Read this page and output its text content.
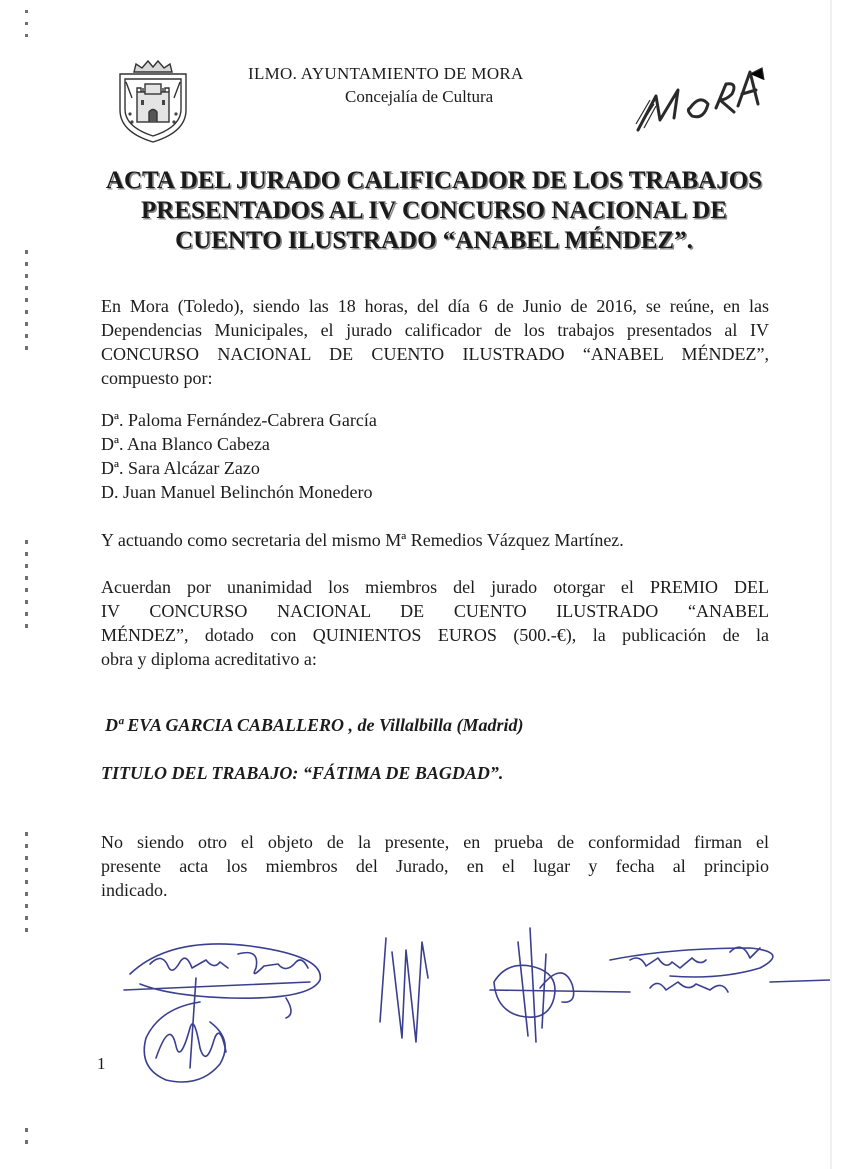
ILMO. AYUNTAMIENTO DE MORA
Concejalía de Cultura
ACTA DEL JURADO CALIFICADOR DE LOS TRABAJOS
PRESENTADOS AL IV CONCURSO NACIONAL DE
CUENTO ILUSTRADO “ANABEL MÉNDEZ”.
En Mora (Toledo), siendo las 18 horas, del día 6 de Junio de 2016, se reúne, en las
Dependencias Municipales, el jurado calificador de los trabajos presentados al IV
CONCURSO NACIONAL DE CUENTO ILUSTRADO “ANABEL MÉNDEZ”,
compuesto por:
Dª. Paloma Fernández-Cabrera García
Dª. Ana Blanco Cabeza
Dª. Sara Alcázar Zazo
D. Juan Manuel Belinchón Monedero
Y actuando como secretaria del mismo Mª Remedios Vázquez Martínez.
Acuerdan por unanimidad los miembros del jurado otorgar el PREMIO DEL
IV CONCURSO NACIONAL DE CUENTO ILUSTRADO “ANABEL
MÉNDEZ”, dotado con QUINIENTOS EUROS (500.-€), la publicación de la
obra y diploma acreditativo a:
Dª EVA GARCIA CABALLERO , de Villalbilla (Madrid)
TITULO DEL TRABAJO: “FÁTIMA DE BAGDAD”.
No siendo otro el objeto de la presente, en prueba de conformidad firman el
presente acta los miembros del Jurado, en el lugar y fecha al principio
indicado.
1
